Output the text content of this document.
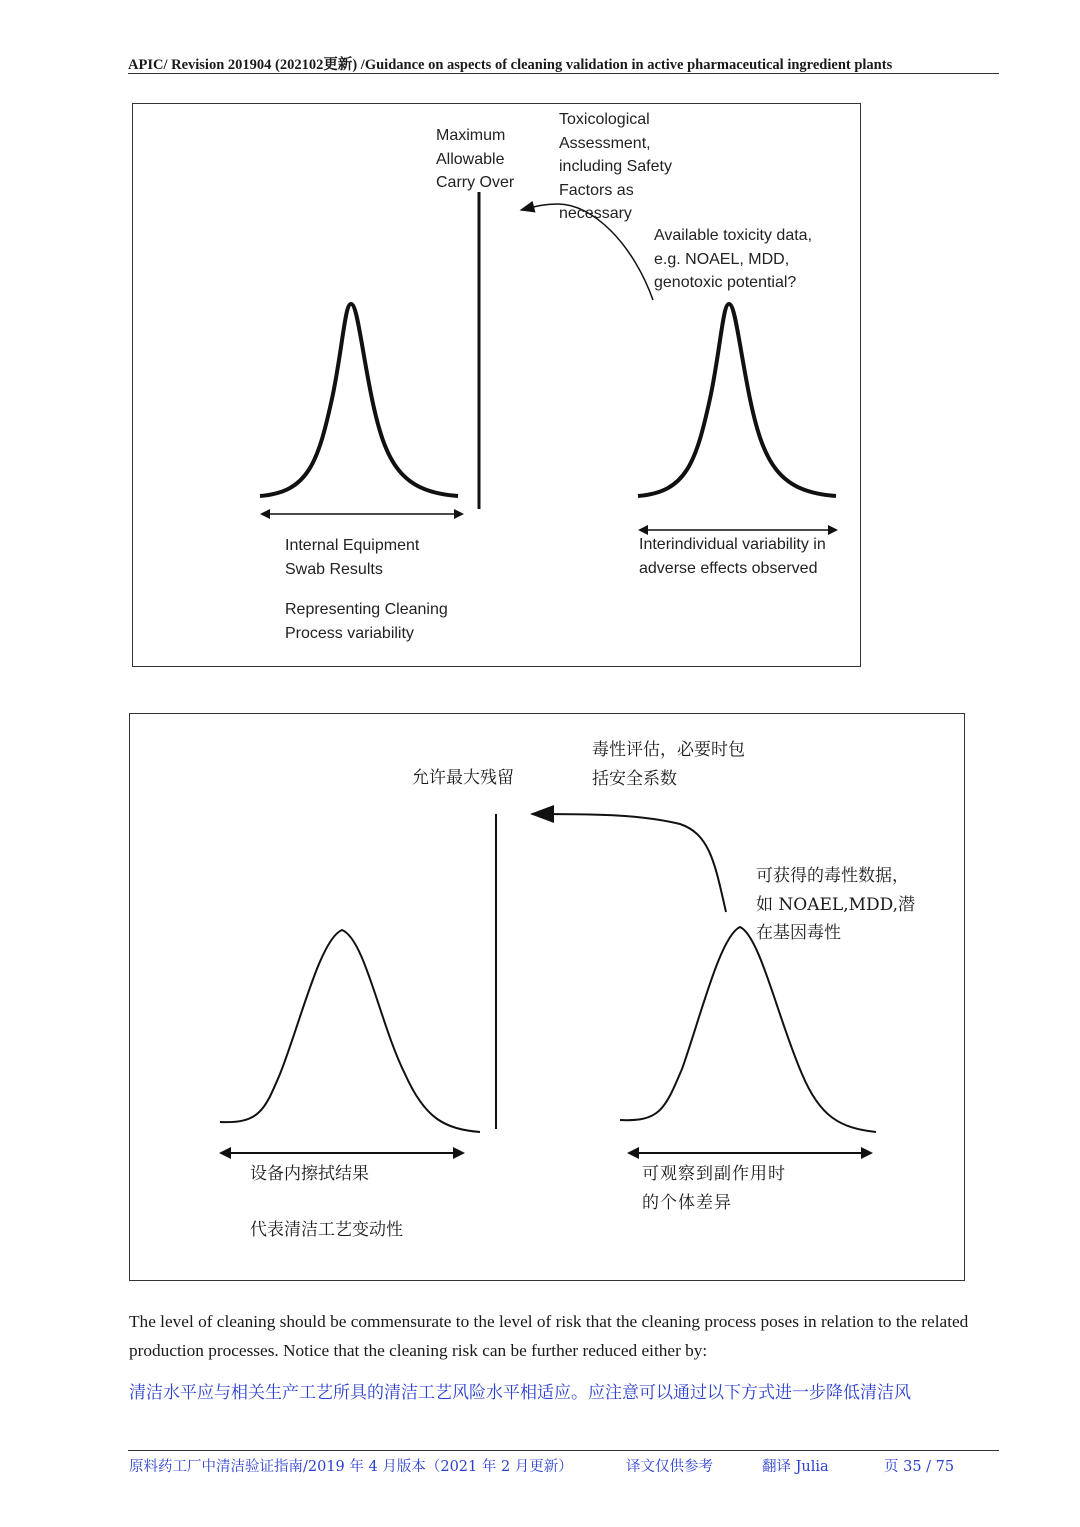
APIC/ Revision 201904 (202102更新) /Guidance on aspects of cleaning validation in active pharmaceutical ingredient plants
Maximum
Allowable
Carry Over
Toxicological
Assessment,
including Safety
Factors as
necessary
Available toxicity data,
e.g. NOAEL, MDD,
genotoxic potential?
Internal Equipment
Swab Results
Representing Cleaning
Process variability
Interindividual variability in
adverse effects observed
允许最大残留
毒性评估，必要时包
括安全系数
可获得的毒性数据，
如 NOAEL,MDD,潜
在基因毒性
设备内擦拭结果
代表清洁工艺变动性
可观察到副作用时
的个体差异
The level of cleaning should be commensurate to the level of risk that the cleaning process poses in relation to the related production processes. Notice that the cleaning risk can be further reduced either by:
清洁水平应与相关生产工艺所具的清洁工艺风险水平相适应。应注意可以通过以下方式进一步降低清洁风
原料药工厂中清洁验证指南/2019 年 4 月版本（2021 年 2 月更新）	译文仅供参考	翻译 Julia	页 35 / 75
